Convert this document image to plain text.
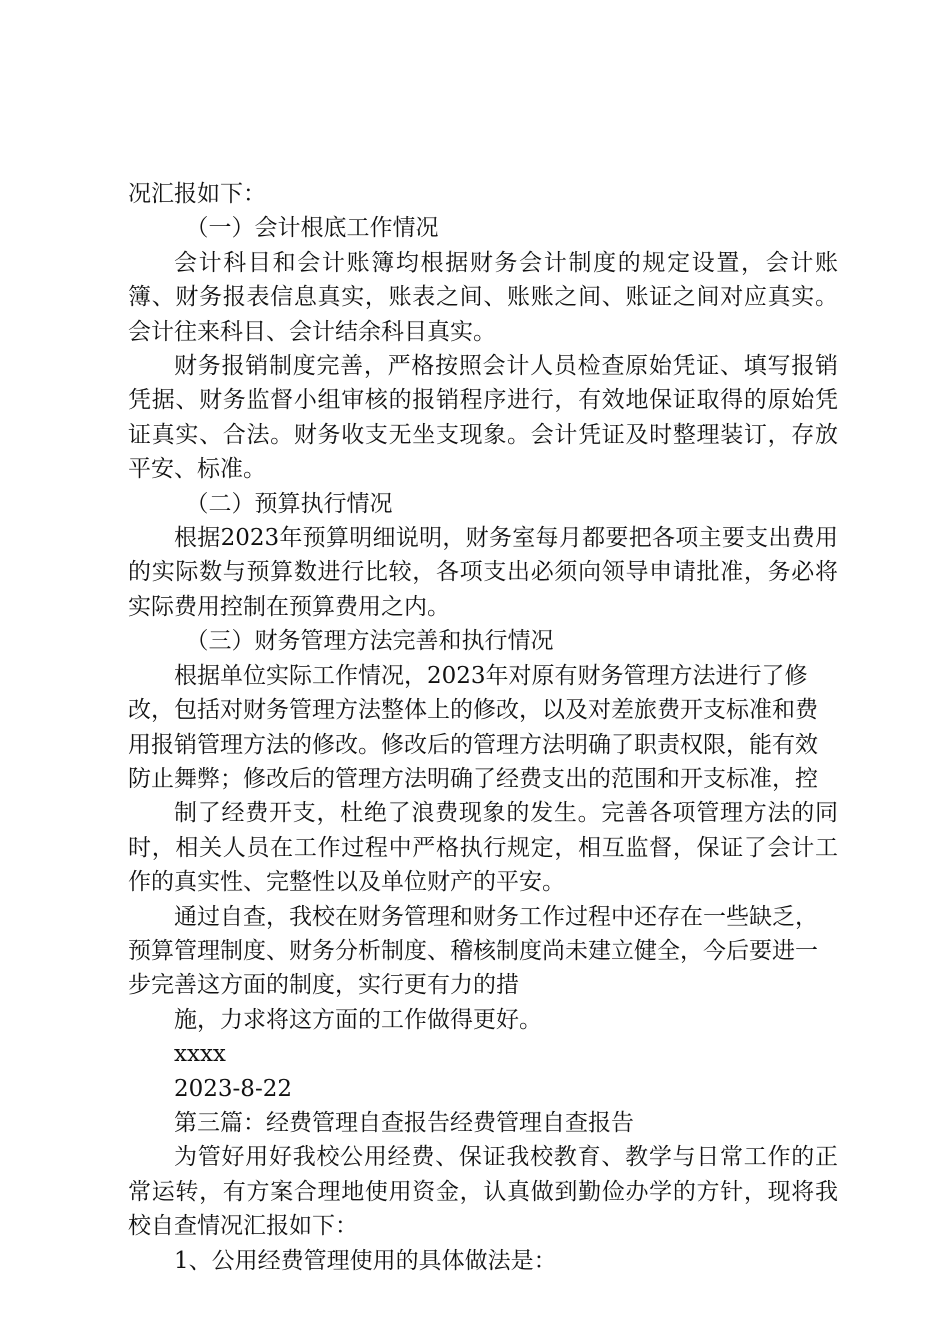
况汇报如下：

（一）会计根底工作情况

会计科目和会计账簿均根据财务会计制度的规定设置，会计账簿、财务报表信息真实，账表之间、账账之间、账证之间对应真实。会计往来科目、会计结余科目真实。

财务报销制度完善，严格按照会计人员检查原始凭证、填写报销凭据、财务监督小组审核的报销程序进行，有效地保证取得的原始凭证真实、合法。财务收支无坐支现象。会计凭证及时整理装订，存放平安、标准。

（二）预算执行情况

根据2023年预算明细说明，财务室每月都要把各项主要支出费用的实际数与预算数进行比较，各项支出必须向领导申请批准，务必将实际费用控制在预算费用之内。

（三）财务管理方法完善和执行情况

根据单位实际工作情况，2023年对原有财务管理方法进行了修改，包括对财务管理方法整体上的修改，以及对差旅费开支标准和费用报销管理方法的修改。修改后的管理方法明确了职责权限，能有效防止舞弊；修改后的管理方法明确了经费支出的范围和开支标准，控

制了经费开支，杜绝了浪费现象的发生。完善各项管理方法的同时，相关人员在工作过程中严格执行规定，相互监督，保证了会计工作的真实性、完整性以及单位财产的平安。

通过自查，我校在财务管理和财务工作过程中还存在一些缺乏，预算管理制度、财务分析制度、稽核制度尚未建立健全，今后要进一步完善这方面的制度，实行更有力的措

施，力求将这方面的工作做得更好。

xxxx

2023-8-22

第三篇：经费管理自查报告经费管理自查报告

为管好用好我校公用经费、保证我校教育、教学与日常工作的正常运转，有方案合理地使用资金，认真做到勤俭办学的方针，现将我校自查情况汇报如下：

1、公用经费管理使用的具体做法是：
